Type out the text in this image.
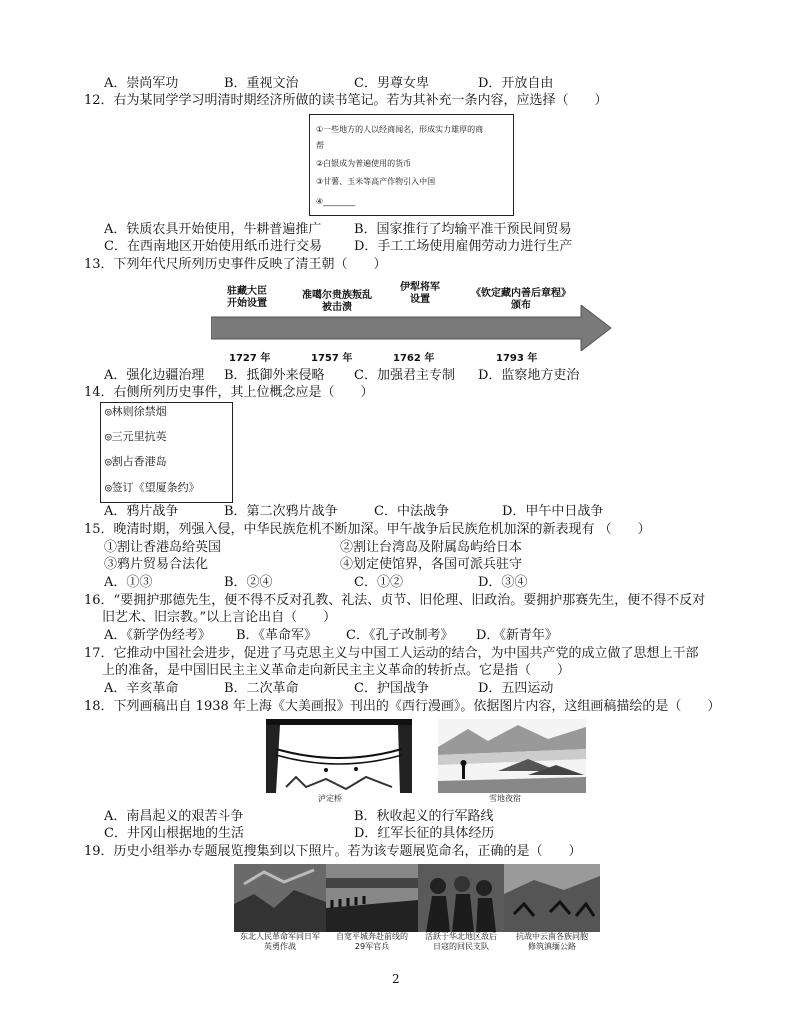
A．崇尚军功	B．重视文治	C．男尊女卑	D．开放自由
12．右为某同学学习明清时期经济所做的读书笔记。若为其补充一条内容，应选择（　　）
①一些地方的人以经商闻名，形成实力雄厚的商
帮
②白银成为普遍使用的货币
③甘薯、玉米等高产作物引入中国
④________
A．铁质农具开始使用，牛耕普遍推广	B．国家推行了均输平准干预民间贸易
C．在西南地区开始使用纸币进行交易 D．手工工场使用雇佣劳动力进行生产
13．下列年代尺所列历史事件反映了清王朝（　　）
驻藏大臣
开始设置
准噶尔贵族叛乱
被击溃
伊犁将军
设置
《钦定藏内善后章程》
颁布
1727 年	1757 年	1762 年	1793 年
A．强化边疆治理 B．抵御外来侵略 C．加强君主专制 D．监察地方吏治
14．右侧所列历史事件，其上位概念应是（　　）
◎林则徐禁烟
◎三元里抗英
◎割占香港岛
◎签订《望厦条约》
A．鸦片战争	B．第二次鸦片战争	C．中法战争	D．甲午中日战争
15．晚清时期，列强入侵，中华民族危机不断加深。甲午战争后民族危机加深的新表现有 （　　）
①割让香港岛给英国	②割让台湾岛及附属岛屿给日本
③鸦片贸易合法化	④划定使馆界，各国可派兵驻守
A．①③	B．②④	C．①②	D．③④
16．“要拥护那德先生，便不得不反对孔教、礼法、贞节、旧伦理、旧政治。要拥护那赛先生，便不得不反对
旧艺术、旧宗教。”以上言论出自（　　）
A．《新学伪经考》 B．《革命军》 C．《孔子改制考》 D．《新青年》
17．它推动中国社会进步，促进了马克思主义与中国工人运动的结合，为中国共产党的成立做了思想上干部
上的准备，是中国旧民主主义革命走向新民主主义革命的转折点。它是指（　　）
A．辛亥革命	B．二次革命	C．护国战争	D．五四运动
18．下列画稿出自 1938 年上海《大美画报》刊出的《西行漫画》。依据图片内容，这组画稿描绘的是（　　）
泸定桥	雪地夜宿
A．南昌起义的艰苦斗争	B．秋收起义的行军路线
C．井冈山根据地的生活	D．红军长征的具体经历
19．历史小组举办专题展览搜集到以下照片。若为该专题展览命名，正确的是（　　）
东北人民革命军同日军
英勇作战
自宽平城奔赴前线的
29军官兵
活跃于华北地区敌后
日寇的回民支队
抗战中云南各族同胞
修筑滇缅公路
2
